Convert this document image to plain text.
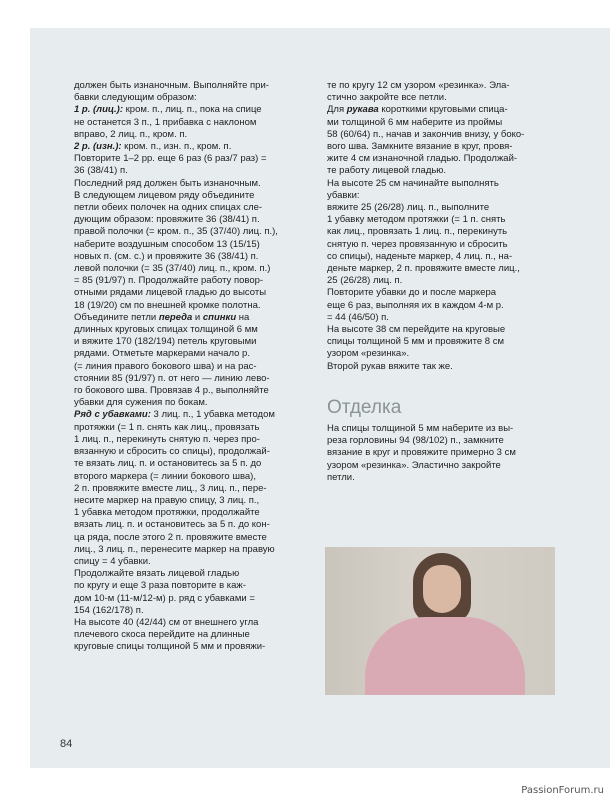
должен быть изнаночным. Выполняйте при-

бавки следующим образом:

1 р. (лиц.): кром. п., лиц. п., пока на спице

не останется 3 п., 1 прибавка с наклоном

вправо, 2 лиц. п., кром. п.

2 р. (изн.): кром. п., изн. п., кром. п.

Повторите 1–2 рр. еще 6 раз (6 раз/7 раз) =

36 (38/41) п.

Последний ряд должен быть изнаночным.

В следующем лицевом ряду объедините

петли обеих полочек на одних спицах сле-

дующим образом: провяжите 36 (38/41) п.

правой полочки (= кром. п., 35 (37/40) лиц. п.),

наберите воздушным способом 13 (15/15)

новых п. (см. с.) и провяжите 36 (38/41) п.

левой полочки (= 35 (37/40) лиц. п., кром. п.)

= 85 (91/97) п. Продолжайте работу повор-

отными рядами лицевой гладью до высоты

18 (19/20) см по внешней кромке полотна.

Объедините петли переда и спинки на

длинных круговых спицах толщиной 6 мм

и вяжите 170 (182/194) петель круговыми

рядами. Отметьте маркерами начало р.

(= линия правого бокового шва) и на рас-

стоянии 85 (91/97) п. от него — линию лево-

го бокового шва. Провязав 4 р., выполняйте

убавки для сужения по бокам.

Ряд с убавками: 3 лиц. п., 1 убавка методом

протяжки (= 1 п. снять как лиц., провязать

1 лиц. п., перекинуть снятую п. через про-

вязанную и сбросить со спицы), продолжай-

те вязать лиц. п. и остановитесь за 5 п. до

второго маркера (= линии бокового шва),

2 п. провяжите вместе лиц., 3 лиц. п., пере-

несите маркер на правую спицу, 3 лиц. п.,

1 убавка методом протяжки, продолжайте

вязать лиц. п. и остановитесь за 5 п. до кон-

ца ряда, после этого 2 п. провяжите вместе

лиц., 3 лиц. п., перенесите маркер на правую

спицу = 4 убавки.

Продолжайте вязать лицевой гладью

по кругу и еще 3 раза повторите в каж-

дом 10-м (11-м/12-м) р. ряд с убавками =

154 (162/178) п.

На высоте 40 (42/44) см от внешнего угла

плечевого скоса перейдите на длинные

круговые спицы толщиной 5 мм и провяжи-

те по кругу 12 см узором «резинка». Эла-

стично закройте все петли.

Для рукава короткими круговыми спица-

ми толщиной 6 мм наберите из проймы

58 (60/64) п., начав и закончив внизу, у боко-

вого шва. Замкните вязание в круг, провя-

жите 4 см изнаночной гладью. Продолжай-

те работу лицевой гладью.

На высоте 25 см начинайте выполнять

убавки:

вяжите 25 (26/28) лиц. п., выполните

1 убавку методом протяжки (= 1 п. снять

как лиц., провязать 1 лиц. п., перекинуть

снятую п. через провязанную и сбросить

со спицы), наденьте маркер, 4 лиц. п., на-

деньте маркер, 2 п. провяжите вместе лиц.,

25 (26/28) лиц. п.

Повторите убавки до и после маркера

еще 6 раз, выполняя их в каждом 4-м р.

= 44 (46/50) п.

На высоте 38 см перейдите на круговые

спицы толщиной 5 мм и провяжите 8 см

узором «резинка».

Второй рукав вяжите так же.

Отделка

На спицы толщиной 5 мм наберите из вы-

реза горловины 94 (98/102) п., замкните

вязание в круг и провяжите примерно 3 см

узором «резинка». Эластично закройте

петли.

84
PassionForum.ru
